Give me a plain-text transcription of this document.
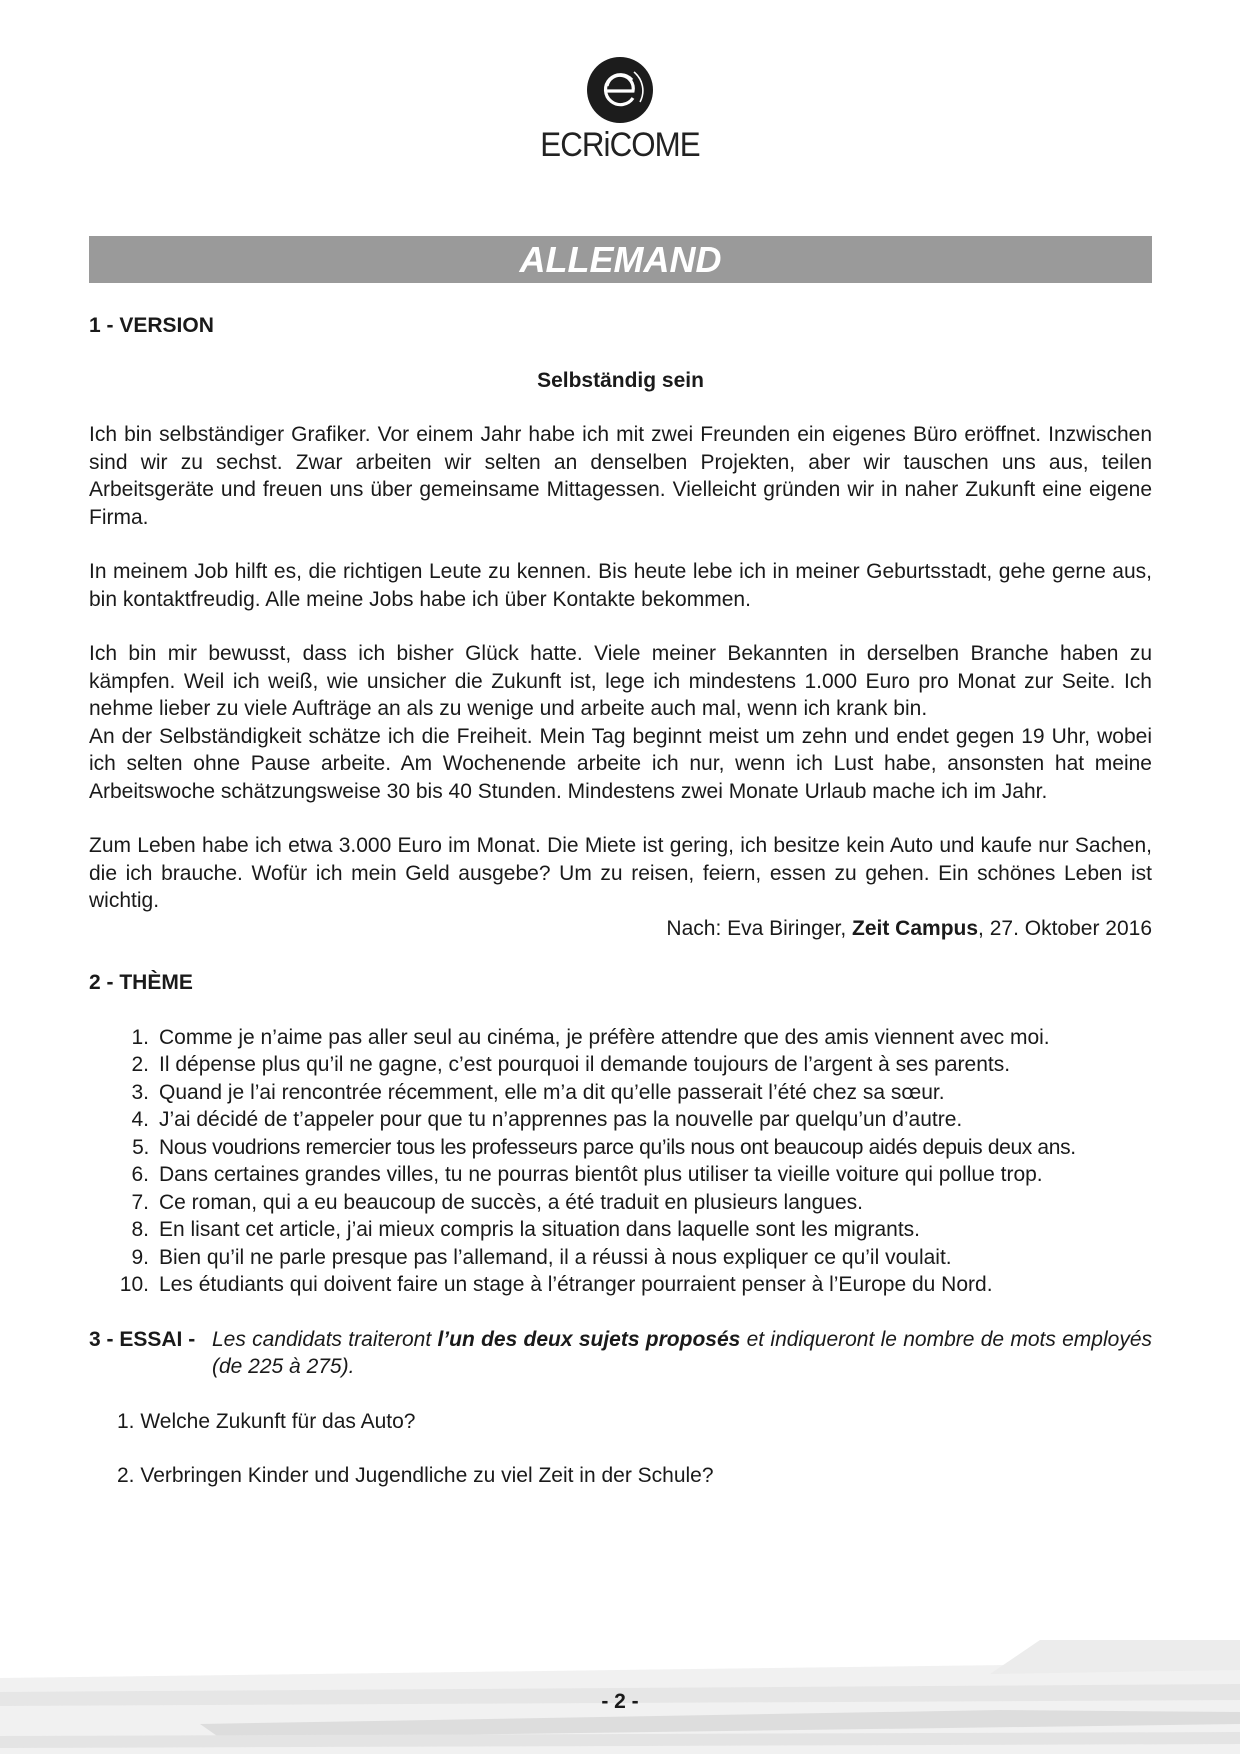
ECRiCOME
ALLEMAND

1 - VERSION

Selbständig sein

Ich bin selbständiger Grafiker. Vor einem Jahr habe ich mit zwei Freunden ein eigenes Büro eröffnet. Inzwischen sind wir zu sechst. Zwar arbeiten wir selten an denselben Projekten, aber wir tauschen uns aus, teilen Arbeitsgeräte und freuen uns über gemeinsame Mittagessen. Vielleicht gründen wir in naher Zukunft eine eigene Firma.

In meinem Job hilft es, die richtigen Leute zu kennen. Bis heute lebe ich in meiner Geburtsstadt, gehe gerne aus, bin kontaktfreudig. Alle meine Jobs habe ich über Kontakte bekommen.

Ich bin mir bewusst, dass ich bisher Glück hatte. Viele meiner Bekannten in derselben Branche haben zu kämpfen. Weil ich weiß, wie unsicher die Zukunft ist, lege ich mindestens 1.000 Euro pro Monat zur Seite. Ich nehme lieber zu viele Aufträge an als zu wenige und arbeite auch mal, wenn ich krank bin.

An der Selbständigkeit schätze ich die Freiheit. Mein Tag beginnt meist um zehn und endet gegen 19 Uhr, wobei ich selten ohne Pause arbeite. Am Wochenende arbeite ich nur, wenn ich Lust habe, ansonsten hat meine Arbeitswoche schätzungsweise 30 bis 40 Stunden. Mindestens zwei Monate Urlaub mache ich im Jahr.

Zum Leben habe ich etwa 3.000 Euro im Monat. Die Miete ist gering, ich besitze kein Auto und kaufe nur Sachen, die ich brauche. Wofür ich mein Geld ausgebe? Um zu reisen, feiern, essen zu gehen. Ein schönes Leben ist wichtig.

Nach: Eva Biringer, Zeit Campus, 27. Oktober 2016

2 - THÈME

1. Comme je n’aime pas aller seul au cinéma, je préfère attendre que des amis viennent avec moi.
2. Il dépense plus qu’il ne gagne, c’est pourquoi il demande toujours de l’argent à ses parents.
3. Quand je l’ai rencontrée récemment, elle m’a dit qu’elle passerait l’été chez sa sœur.
4. J’ai décidé de t’appeler pour que tu n’apprennes pas la nouvelle par quelqu’un d’autre.
5. Nous voudrions remercier tous les professeurs parce qu’ils nous ont beaucoup aidés depuis deux ans.
6. Dans certaines grandes villes, tu ne pourras bientôt plus utiliser ta vieille voiture qui pollue trop.
7. Ce roman, qui a eu beaucoup de succès, a été traduit en plusieurs langues.
8. En lisant cet article, j’ai mieux compris la situation dans laquelle sont les migrants.
9. Bien qu’il ne parle presque pas l’allemand, il a réussi à nous expliquer ce qu’il voulait.
10. Les étudiants qui doivent faire un stage à l’étranger pourraient penser à l’Europe du Nord.

3 - ESSAI - Les candidats traiteront l’un des deux sujets proposés et indiqueront le nombre de mots employés (de 225 à 275).

1. Welche Zukunft für das Auto?

2. Verbringen Kinder und Jugendliche zu viel Zeit in der Schule?

- 2 -
